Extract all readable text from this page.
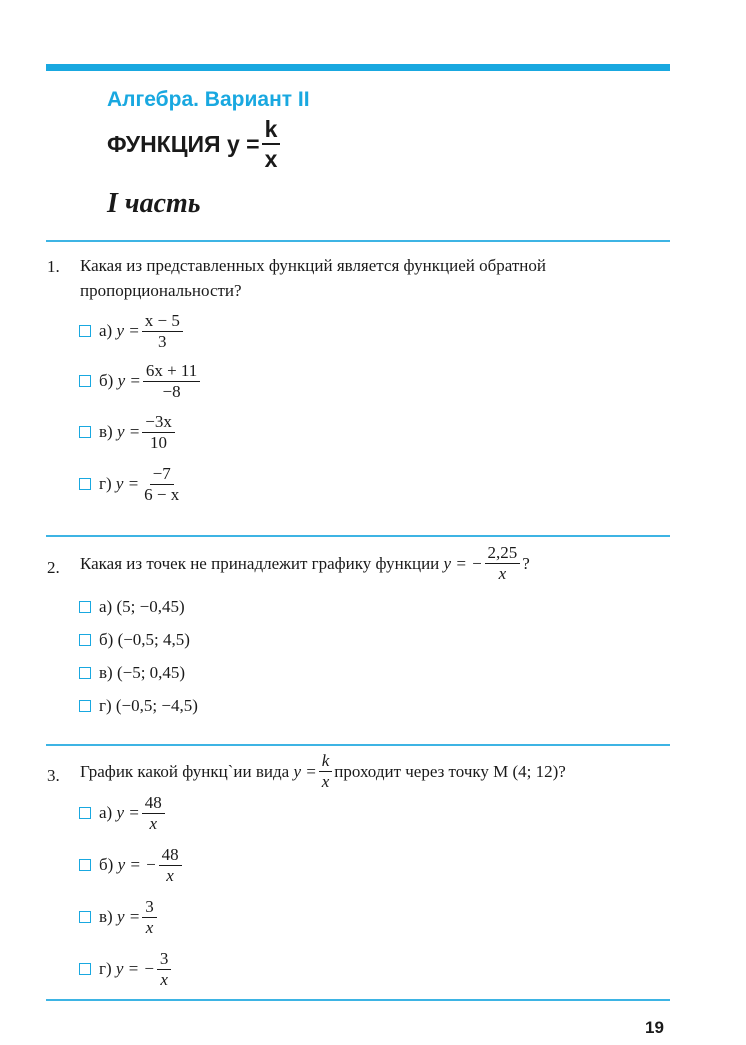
Алгебра. Вариант II
ФУНКЦИЯ $y = \frac{k}{x}$
I часть
1. Какая из представленных функций является функцией обратной пропорциональности?
а)
$y = \frac{x - 5}{3}$
б)
$y = \frac{6x + 11}{-8}$
в)
$y = \frac{-3x}{10}$
г)
$y = \frac{-7}{6 - x}$
2. Какая из точек не принадлежит графику функции
y = − $\frac{2,25}{x}$ ?
а)
(5; −0,45)
б)
(−0,5; 4,5)
в)
(−5; 0,45)
г)
(−0,5; −4,5)
3. График какой функц`ии вида
$y = \frac{k}{x}$ проходит через точку M (4; 12)?
а)
$y = \frac{48}{x}$
б)
y = − $\frac{48}{x}$
в)
$y = \frac{3}{x}$
г)
y = − $\frac{3}{x}$
19
